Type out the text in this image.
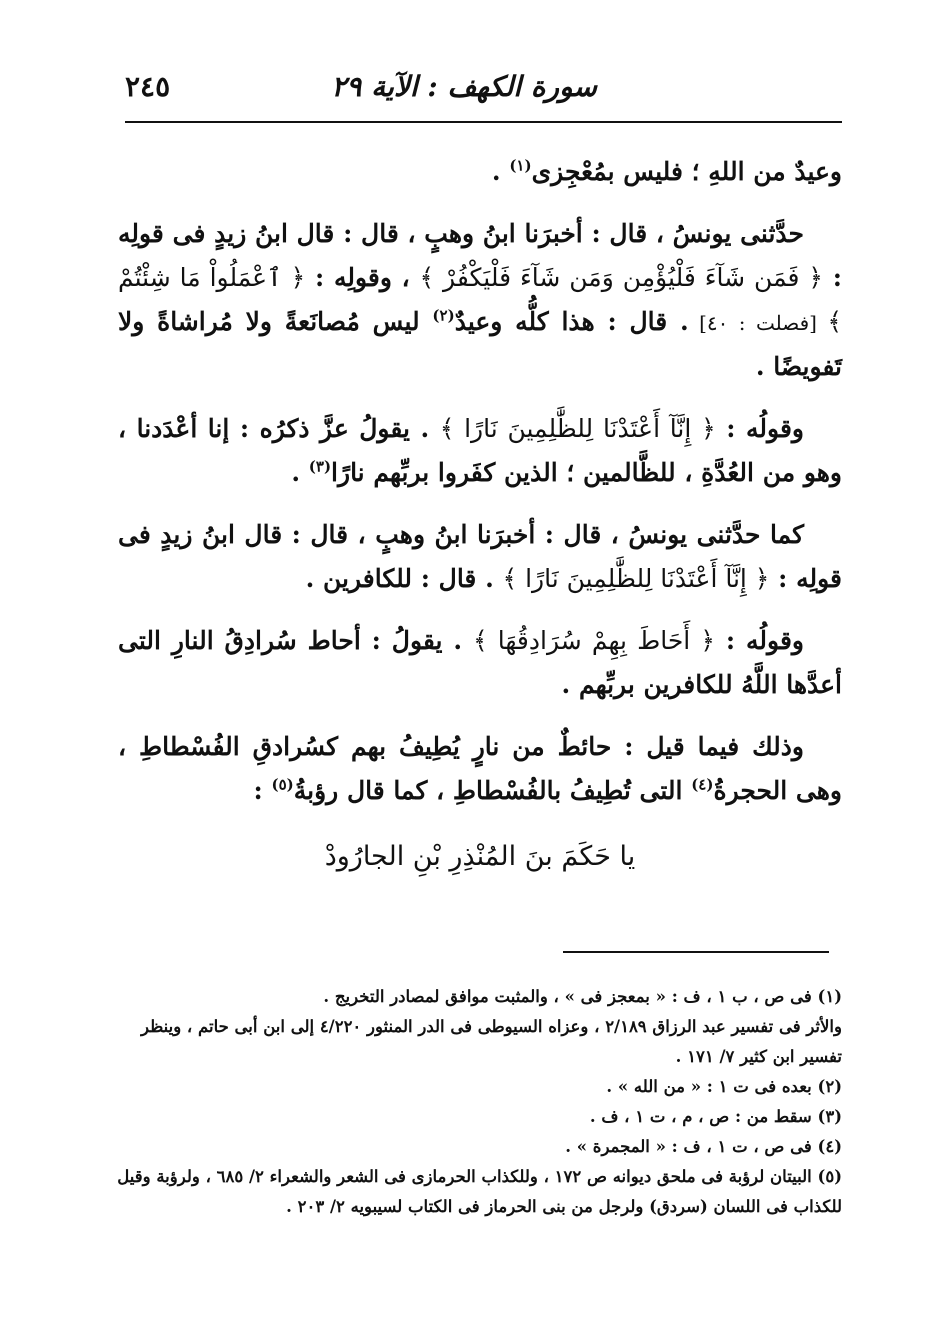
سورة الكهف : الآية ٢٩
٢٤٥

وعيدٌ من اللهِ ؛ فليس بمُعْجِزى$^{(١)}$ .

حدَّثنى يونسُ ، قال : أخبرَنا ابنُ وهبٍ ، قال : قال ابنُ زيدٍ فى قولِه : ﴿ فَمَن شَآءَ فَلْيُؤْمِن وَمَن شَآءَ فَلْيَكْفُرْ ﴾ ، وقولِه : ﴿ ٱعْمَلُواْ مَا شِئْتُمْ ﴾ [فصلت : ٤٠] . قال : هذا كلُّه وعيدٌ$^{(٢)}$ ليس مُصانَعةً ولا مُراشاةً ولا تَفويضًا .

وقولُه : ﴿ إِنَّآ أَعْتَدْنَا لِلظَّٰلِمِينَ نَارًا ﴾ . يقولُ عزَّ ذكرُه : إنا أعْدَدنا ، وهو من العُدَّةِ ، للظَّالمين ؛ الذين كفَروا بربِّهم نارًا$^{(٣)}$ .

كما حدَّثنى يونسُ ، قال : أخبرَنا ابنُ وهبٍ ، قال : قال ابنُ زيدٍ فى قولِه : ﴿ إِنَّآ أَعْتَدْنَا لِلظَّٰلِمِينَ نَارًا ﴾ . قال : للكافرين .

وقولُه : ﴿ أَحَاطَ بِهِمْ سُرَادِقُهَا ﴾ . يقولُ : أحاط سُرادِقُ النارِ التى أعدَّها اللَّهُ للكافرين بربِّهم .

وذلك فيما قيل : حائطٌ من نارٍ يُطِيفُ بهم كسُرادقِ الفُسْطاطِ ، وهى الحجرةُ$^{(٤)}$ التى تُطِيفُ بالفُسْطاطِ ، كما قال رؤبةُ$^{(٥)}$ :

يا حَكَمَ بنَ المُنْذِرِ بْنِ الجارُودْ

(١) فى ص ، ب ١ ، ف : « بمعجز فى » ، والمثبت موافق لمصادر التخريج .

والأثر فى تفسير عبد الرزاق ٢/١٨٩ ، وعزاه السيوطى فى الدر المنثور ٤/٢٢٠ إلى ابن أبى حاتم ، وينظر تفسير ابن كثير ٧/ ١٧١ .

(٢) بعده فى ت ١ : « من الله » .

(٣) سقط من : ص ، م ، ت ١ ، ف .

(٤) فى ص ، ت ١ ، ف : « المجمرة » .

(٥) البيتان لرؤبة فى ملحق ديوانه ص ١٧٢ ، وللكذاب الحرمازى فى الشعر والشعراء ٢/ ٦٨٥ ، ولرؤبة وقيل للكذاب فى اللسان (سردق) ولرجل من بنى الحرماز فى الكتاب لسيبويه ٢/ ٢٠٣ .
